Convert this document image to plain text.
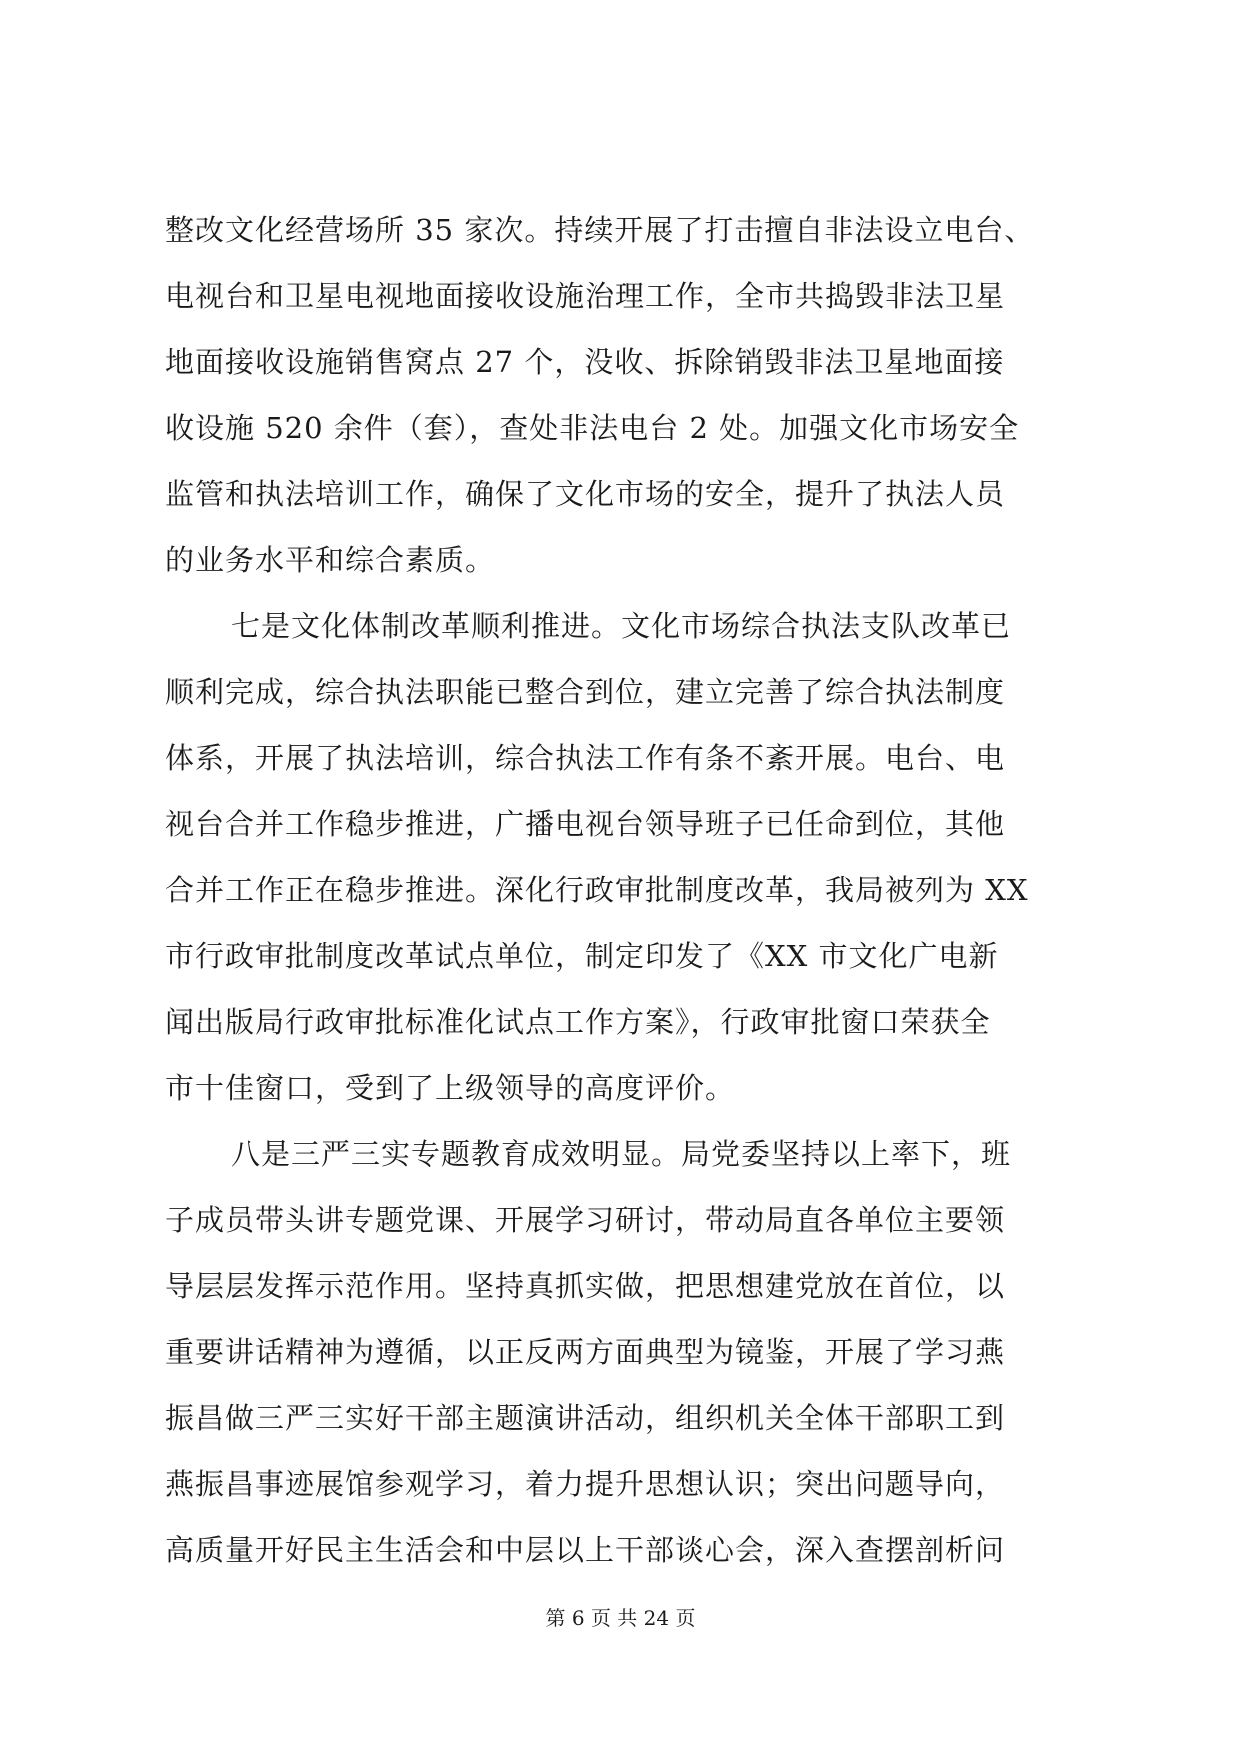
整改文化经营场所 35 家次。持续开展了打击擅自非法设立电台、
电视台和卫星电视地面接收设施治理工作，全市共捣毁非法卫星
地面接收设施销售窝点 27 个，没收、拆除销毁非法卫星地面接
收设施 520 余件（套），查处非法电台 2 处。加强文化市场安全
监管和执法培训工作，确保了文化市场的安全，提升了执法人员
的业务水平和综合素质。
七是文化体制改革顺利推进。文化市场综合执法支队改革已
顺利完成，综合执法职能已整合到位，建立完善了综合执法制度
体系，开展了执法培训，综合执法工作有条不紊开展。电台、电
视台合并工作稳步推进，广播电视台领导班子已任命到位，其他
合并工作正在稳步推进。深化行政审批制度改革，我局被列为 XX
市行政审批制度改革试点单位，制定印发了《XX 市文化广电新
闻出版局行政审批标准化试点工作方案》，行政审批窗口荣获全
市十佳窗口，受到了上级领导的高度评价。
八是三严三实专题教育成效明显。局党委坚持以上率下，班
子成员带头讲专题党课、开展学习研讨，带动局直各单位主要领
导层层发挥示范作用。坚持真抓实做，把思想建党放在首位，以
重要讲话精神为遵循，以正反两方面典型为镜鉴，开展了学习燕
振昌做三严三实好干部主题演讲活动，组织机关全体干部职工到
燕振昌事迹展馆参观学习，着力提升思想认识；突出问题导向，
高质量开好民主生活会和中层以上干部谈心会，深入查摆剖析问
第 6 页 共 24 页
